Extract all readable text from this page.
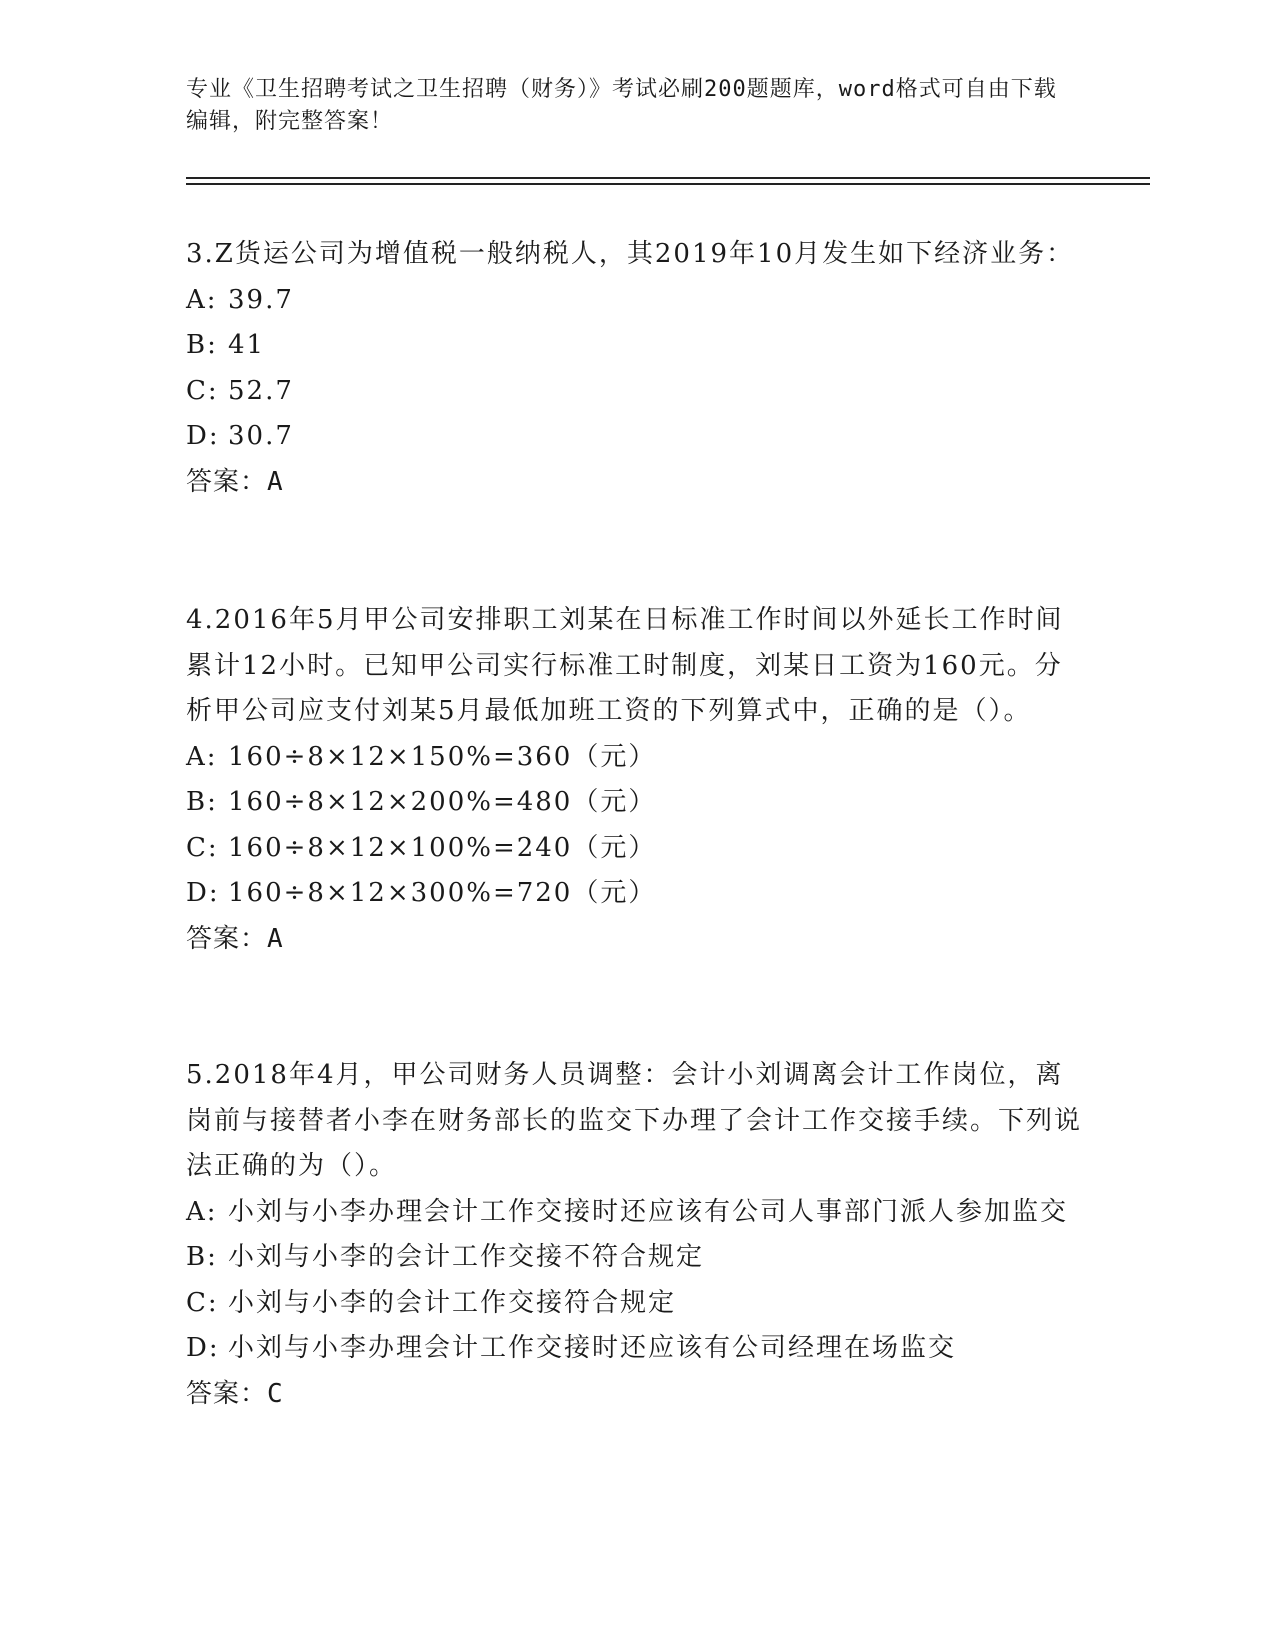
专业《卫生招聘考试之卫生招聘（财务）》考试必刷200题题库，word格式可自由下载编辑，附完整答案！

3.Z货运公司为增值税一般纳税人，其2019年10月发生如下经济业务：

A: 39.7

B: 41

C: 52.7

D: 30.7

答案：A

4.2016年5月甲公司安排职工刘某在日标准工作时间以外延长工作时间累计12小时。已知甲公司实行标准工时制度，刘某日工资为160元。分析甲公司应支付刘某5月最低加班工资的下列算式中，正确的是（）。

A: 160÷8×12×150%=360（元）

B: 160÷8×12×200%=480（元）

C: 160÷8×12×100%=240（元）

D: 160÷8×12×300%=720（元）

答案：A

5.2018年4月，甲公司财务人员调整：会计小刘调离会计工作岗位，离岗前与接替者小李在财务部长的监交下办理了会计工作交接手续。下列说法正确的为（）。

A: 小刘与小李办理会计工作交接时还应该有公司人事部门派人参加监交

B: 小刘与小李的会计工作交接不符合规定

C: 小刘与小李的会计工作交接符合规定

D: 小刘与小李办理会计工作交接时还应该有公司经理在场监交

答案：C
